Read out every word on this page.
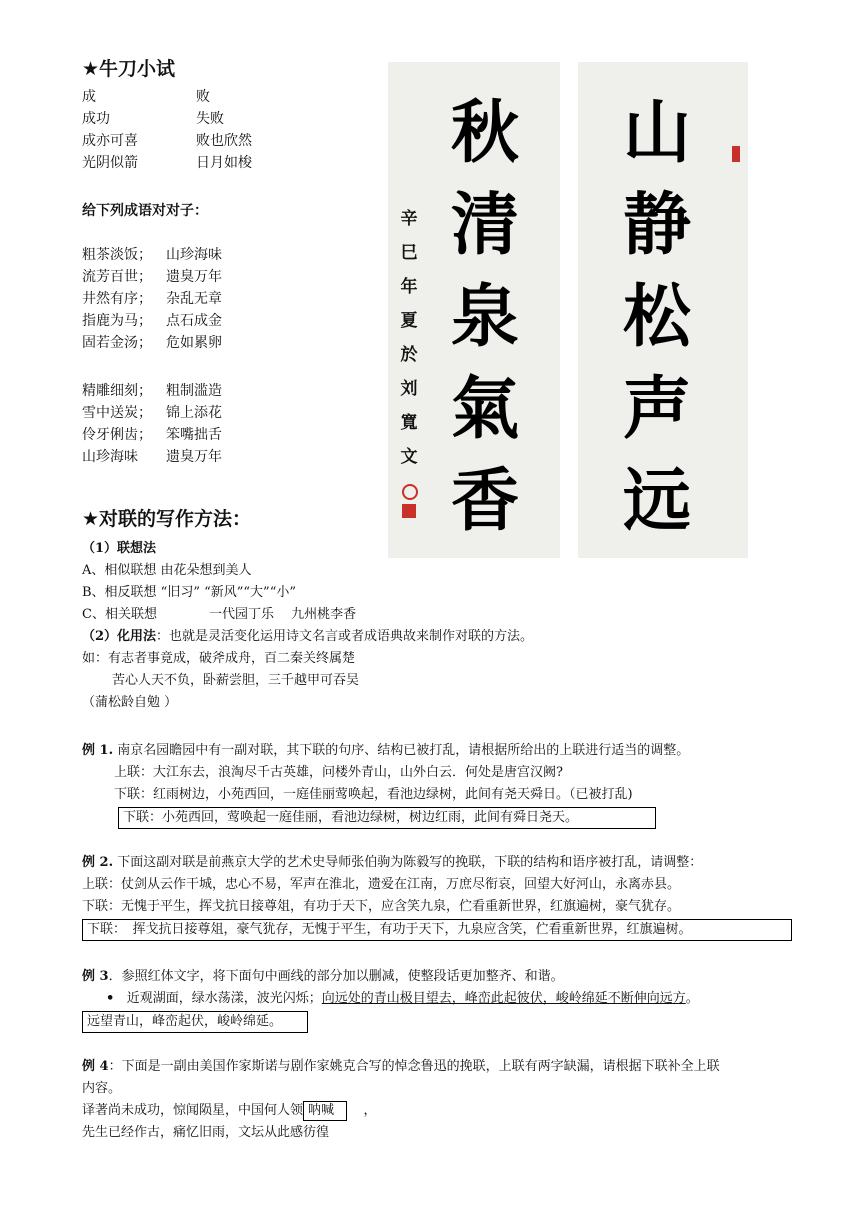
★牛刀小试
成	败
成功	失败
成亦可喜	败也欣然
光阴似箭	日月如梭
给下列成语对对子：
粗茶淡饭； 山珍海味
流芳百世； 遗臭万年
井然有序； 杂乱无章
指鹿为马； 点石成金
固若金汤； 危如累卵
精雕细刻； 粗制滥造
雪中送炭； 锦上添花
伶牙俐齿； 笨嘴拙舌
山珍海味 遗臭万年
秋
清
泉
氣
香
辛
巳
年
夏
於
刘
寬
文
山
静
松
声
远
★对联的写作方法：
（1）联想法
A、相似联想 由花朵想到美人
B、相反联想 “旧习” “新风”“大”“小”
C、相关联想　　　　一代园丁乐　 九州桃李香
（2）化用法：也就是灵活变化运用诗文名言或者成语典故来制作对联的方法。
如：有志者事竟成，破斧成舟，百二秦关终属楚
苦心人天不负，卧薪尝胆，三千越甲可吞吴
（蒲松龄自勉 ）
例 1. 南京名园瞻园中有一副对联，其下联的句序、结构已被打乱，请根据所给出的上联进行适当的调整。
上联：大江东去，浪淘尽千古英雄，问楼外青山，山外白云．何处是唐宫汉阙?
下联：红雨树边，小苑西回，一庭佳丽莺唤起，看池边绿树，此间有尧天舜日。（已被打乱)
下联：小苑西回，莺唤起一庭佳丽，看池边绿树，树边红雨，此间有舜日尧天。
例 2. 下面这副对联是前燕京大学的艺术史导师张伯驹为陈毅写的挽联，下联的结构和语序被打乱，请调整：
上联：仗剑从云作干城，忠心不易，军声在淮北，遗爱在江南，万庶尽衔哀，回望大好河山，永离赤县。
下联：无愧于平生，挥戈抗日接尊俎，有功于天下，应含笑九泉，伫看重新世界，红旗遍树，豪气犹存。
下联：　挥戈抗日接尊俎，豪气犹存，无愧于平生，有功于天下，九泉应含笑，伫看重新世界，红旗遍树。
例 3．参照红体文字，将下面句中画线的部分加以删减，使整段话更加整齐、和谐。
• 近观湖面，绿水荡漾，波光闪烁；向远处的青山极目望去，峰峦此起彼伏，峻岭绵延不断伸向远方。
远望青山，峰峦起伏，峻岭绵延。
例 4：下面是一副由美国作家斯诺与剧作家姚克合写的悼念鲁迅的挽联，上联有两字缺漏，请根据下联补全上联
内容。
译著尚未成功，惊闻陨星，中国何人领 呐喊 ，
先生已经作古，痛忆旧雨，文坛从此感彷徨
